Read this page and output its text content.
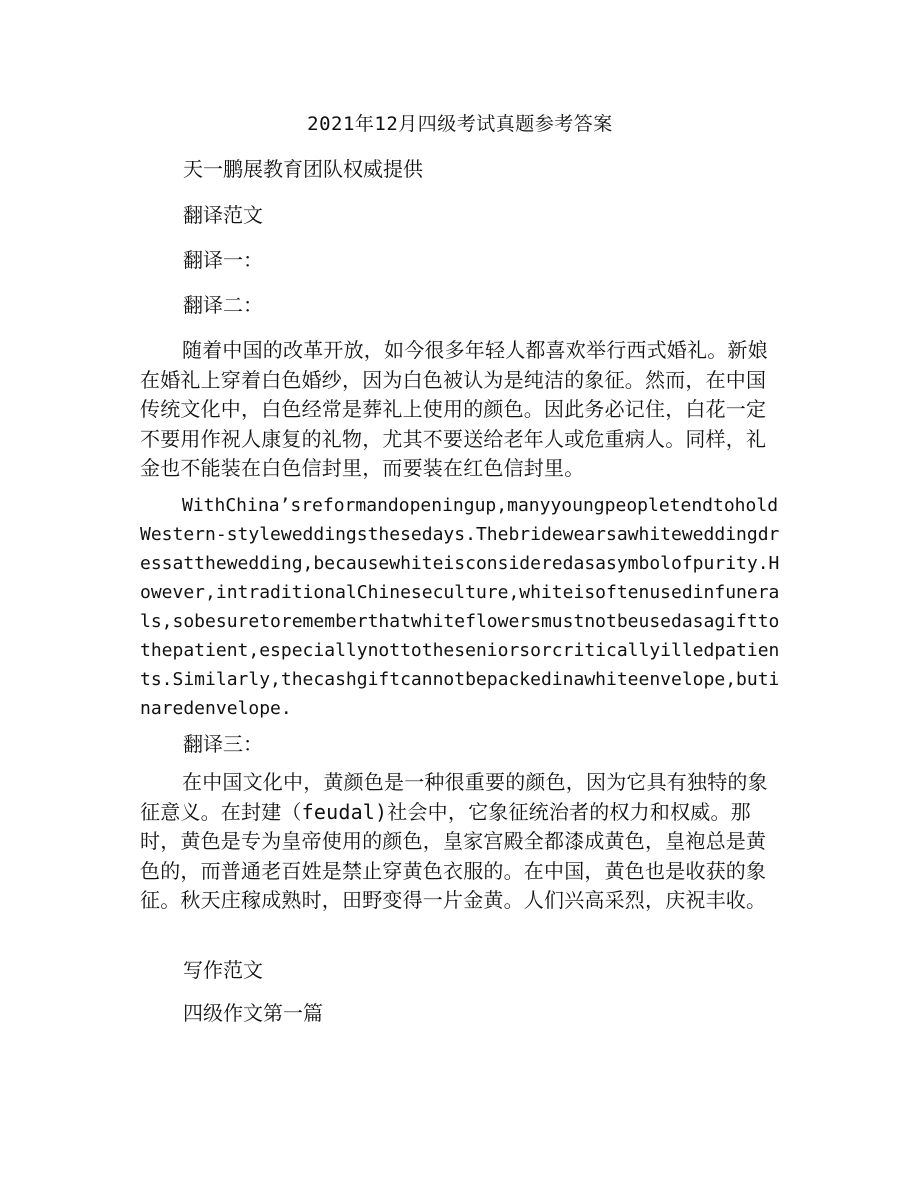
2021年12月四级考试真题参考答案
天一鹏展教育团队权威提供
翻译范文
翻译一：
翻译二：
随着中国的改革开放，如今很多年轻人都喜欢举行西式婚礼。新娘在婚礼上穿着白色婚纱，因为白色被认为是纯洁的象征。然而，在中国传统文化中，白色经常是葬礼上使用的颜色。因此务必记住，白花一定不要用作祝人康复的礼物，尤其不要送给老年人或危重病人。同样，礼金也不能装在白色信封里，而要装在红色信封里。
WithChina’sreformandopeningup,manyyoungpeopletendtoholdWestern-styleweddingsthesedays.Thebridewearsawhiteweddingdressatthewedding,becausewhiteisconsideredasasymbolofpurity.However,intraditionalChineseculture,whiteisoftenusedinfunerals,sobesuretorememberthatwhiteflowersmustnotbeusedasagifttothepatient,especiallynottotheseniorsorcriticallyilledpatients.Similarly,thecashgiftcannotbepackedinawhiteenvelope,butinaredenvelope.
翻译三：
在中国文化中，黄颜色是一种很重要的颜色，因为它具有独特的象征意义。在封建（feudal)社会中，它象征统治者的权力和权威。那时，黄色是专为皇帝使用的颜色，皇家宫殿全都漆成黄色，皇袍总是黄色的，而普通老百姓是禁止穿黄色衣服的。在中国，黄色也是收获的象征。秋天庄稼成熟时，田野变得一片金黄。人们兴高采烈，庆祝丰收。
写作范文
四级作文第一篇
